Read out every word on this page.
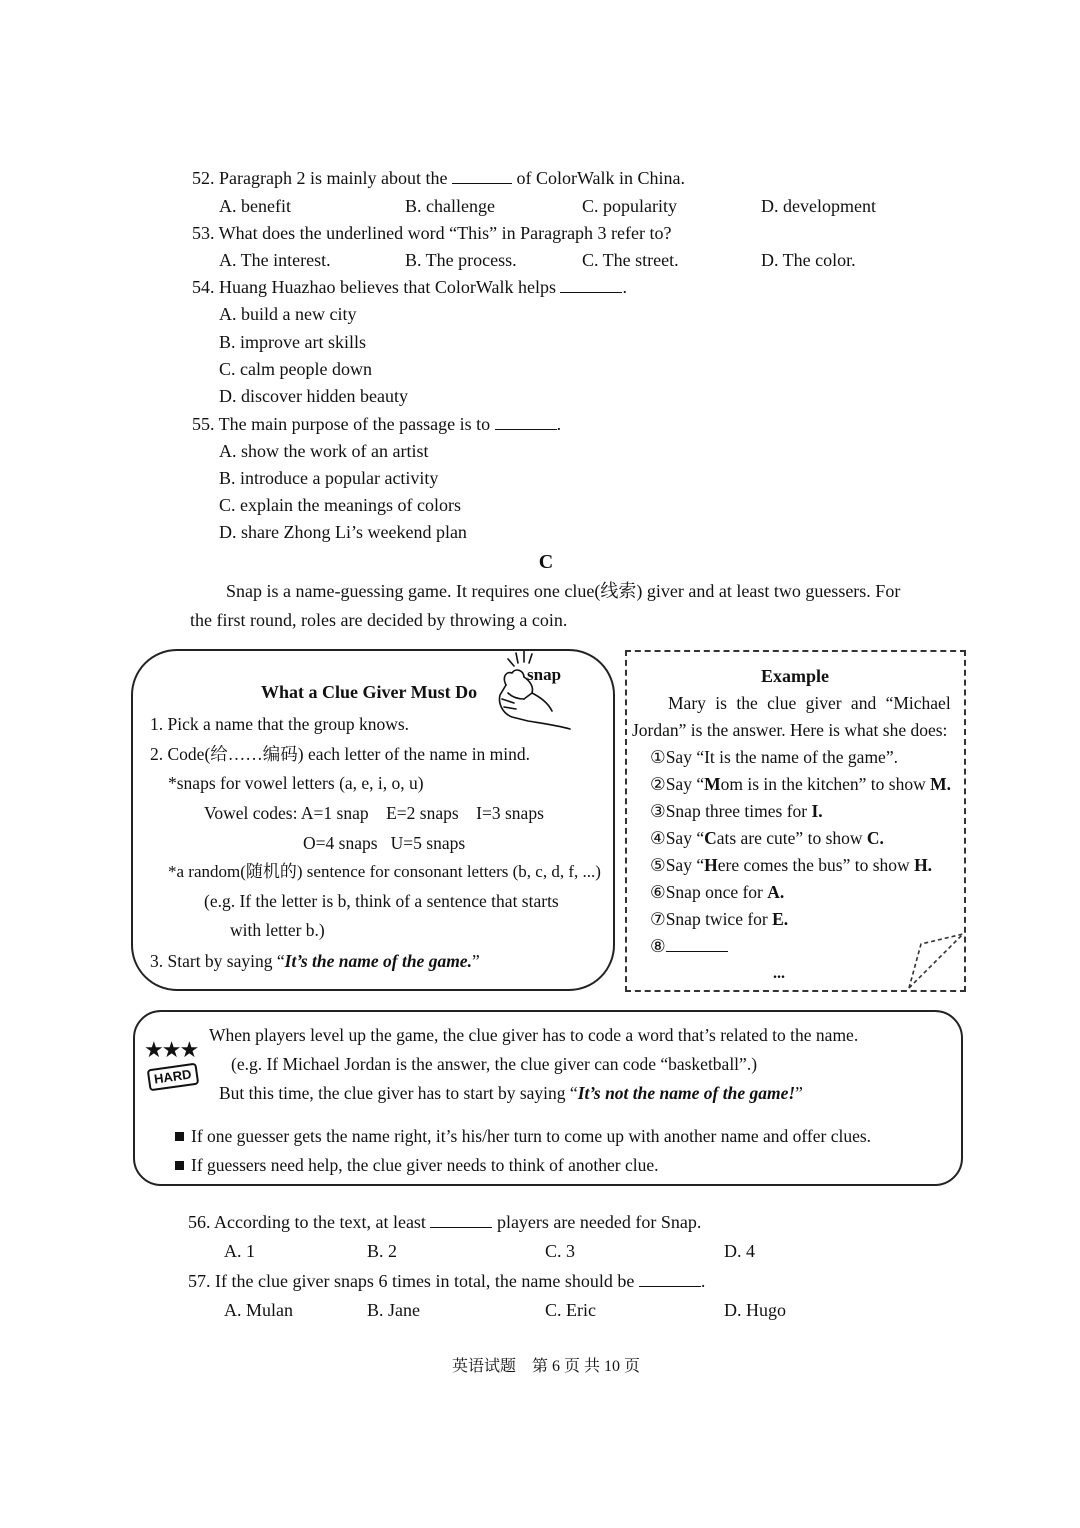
52. Paragraph 2 is mainly about the	of ColorWalk in China.
A. benefit	B. challenge	C. popularity	D. development
53. What does the underlined word “This” in Paragraph 3 refer to?
A. The interest.	B. The process.	C. The street.	D. The color.
54. Huang Huazhao believes that ColorWalk helps	.
A. build a new city
B. improve art skills
C. calm people down
D. discover hidden beauty
55. The main purpose of the passage is to	.
A. show the work of an artist
B. introduce a popular activity
C. explain the meanings of colors
D. share Zhong Li’s weekend plan
C
Snap is a name-guessing game. It requires one clue(线索) giver and at least two guessers. For
the first round, roles are decided by throwing a coin.
What a Clue Giver Must Do
snap
1. Pick a name that the group knows.
2. Code(给……编码) each letter of the name in mind.
*snaps for vowel letters (a, e, i, o, u)
Vowel codes: A=1 snap    E=2 snaps    I=3 snaps
O=4 snaps   U=5 snaps
*a random(随机的) sentence for consonant letters (b, c, d, f, ...)
(e.g. If the letter is b, think of a sentence that starts
with letter b.)
3. Start by saying “It’s the name of the game.”
Example
Mary is the clue giver and “Michael
Jordan” is the answer. Here is what she does:
①Say “It is the name of the game”.
②Say “Mom is in the kitchen” to show M.
③Snap three times for I.
④Say “Cats are cute” to show C.
⑤Say “Here comes the bus” to show H.
⑥Snap once for A.
⑦Snap twice for E.
⑧
...
★★★
HARD
When players level up the game, the clue giver has to code a word that’s related to the name.
(e.g. If Michael Jordan is the answer, the clue giver can code “basketball”.)
But this time, the clue giver has to start by saying “It’s not the name of the game!”
If one guesser gets the name right, it’s his/her turn to come up with another name and offer clues.
If guessers need help, the clue giver needs to think of another clue.
56. According to the text, at least	players are needed for Snap.
A. 1	B. 2	C. 3	D. 4
57. If the clue giver snaps 6 times in total, the name should be	.
A. Mulan	B. Jane	C. Eric	D. Hugo
英语试题 第 6 页 共 10 页
